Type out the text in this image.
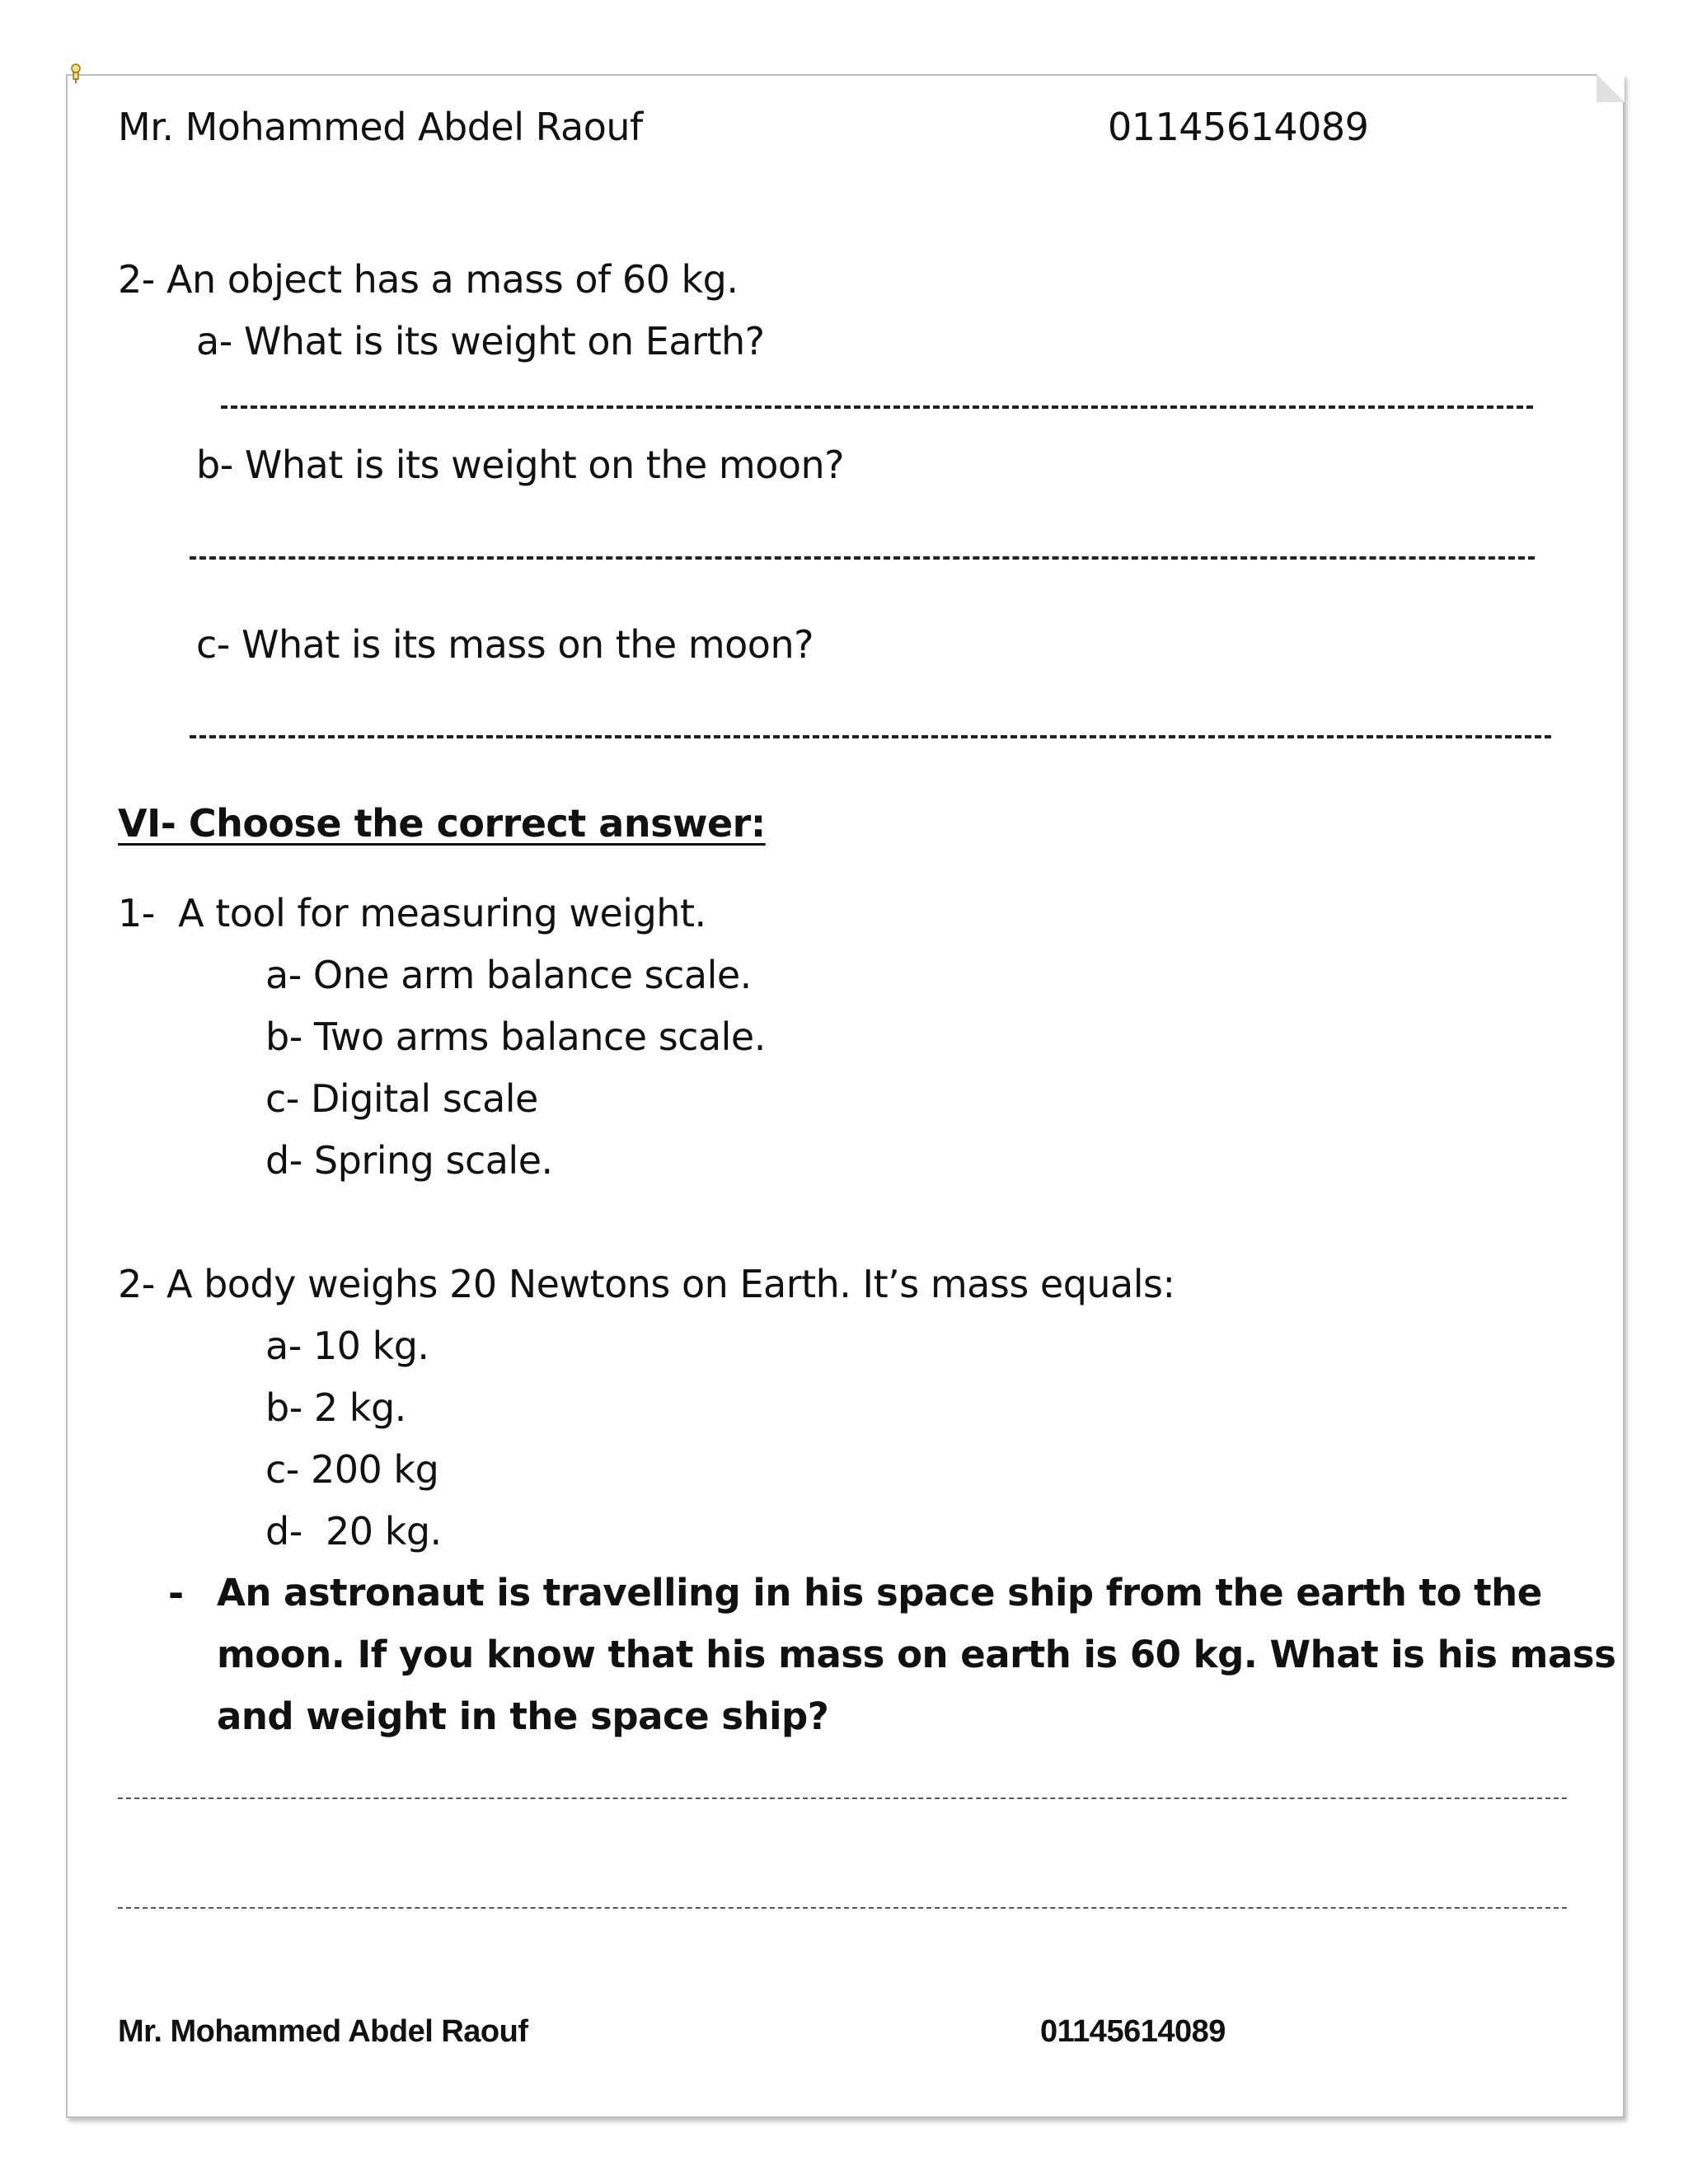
Mr. Mohammed Abdel Raouf	01145614089
2- An object has a mass of 60 kg.
a- What is its weight on Earth?
b- What is its weight on the moon?
c- What is its mass on the moon?
VI- Choose the correct answer:
1-  A tool for measuring weight.
a- One arm balance scale.
b- Two arms balance scale.
c- Digital scale
d- Spring scale.
2- A body weighs 20 Newtons on Earth. It’s mass equals:
a- 10 kg.
b- 2 kg.
c- 200 kg
d-  20 kg.
- An astronaut is travelling in his space ship from the earth to the
moon. If you know that his mass on earth is 60 kg. What is his mass
and weight in the space ship?
Mr. Mohammed Abdel Raouf	01145614089
